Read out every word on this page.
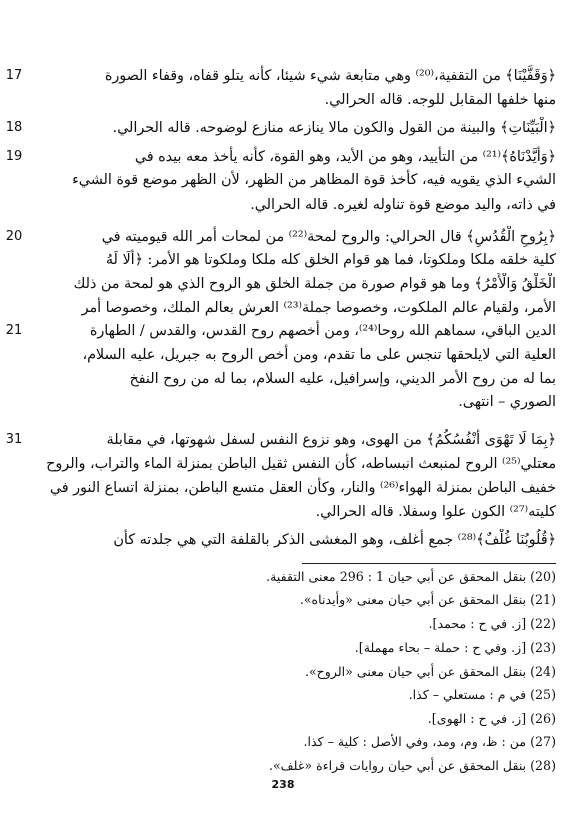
﴿وَقَفَّيْنَا﴾ من التقفية،⁽²⁰⁾ وهي متابعة شيء شيئا، كأنه يتلو قفاه، وقفاء الصورة
منها خلفها المقابل للوجه. قاله الحرالي.
﴿الْبَيِّنَاتِ﴾ والبينة من القول والكون مالا ينازعه منازع لوضوحه. قاله الحرالي.
﴿وَأَيَّدْنَاهُ﴾⁽²¹⁾ من التأييد، وهو من الأيد، وهو القوة، كأنه يأخذ معه بيده في
الشيء الذي يقويه فيه، كأخذ قوة المظاهر من الظهر، لأن الظهر موضع قوة الشيء
في ذاته، واليد موضع قوة تناوله لغيره. قاله الحرالي.
﴿بِرُوحِ الْقُدُسِ﴾ قال الحرالي: والروح لمحة⁽²²⁾ من لمحات أمر الله قيوميته في
كلية خلقه ملكا وملكوتا، فما هو قوام الخلق كله ملكا وملكوتا هو الأمر: ﴿أَلَا لَهُ
الْخَلْقُ وَالْأَمْرُ﴾ وما هو قوام صورة من جملة الخلق هو الروح الذي هو لمحة من ذلك
الأمر، ولقيام عالم الملكوت، وخصوصا جملة⁽²³⁾ العرش بعالم الملك، وخصوصا أمر
الدين الباقي، سماهم الله روحا⁽²⁴⁾، ومن أخصهم روح القدس، والقدس / الطهارة
العلية التي لايلحقها تنجس على ما تقدم، ومن أخص الروح به جبريل، عليه السلام،
بما له من روح الأمر الديني، وإسرافيل، عليه السلام، بما له من روح النفخ
الصوري – انتهى.
﴿بِمَا لَا تَهْوَى أَنْفُسُكُمُ﴾ من الهوى، وهو نزوع النفس لسفل شهوتها، في مقابلة
معتلي⁽²⁵⁾ الروح لمنبعث انبساطه، كأن النفس ثقيل الباطن بمنزلة الماء والتراب، والروح
خفيف الباطن بمنزلة الهواء⁽²⁶⁾ والنار، وكأن العقل متسع الباطن، بمنزلة اتساع النور في
كليته⁽²⁷⁾ الكون علوا وسفلا. قاله الحرالي.
﴿قُلُوبُنَا غُلْفٌ﴾⁽²⁸⁾ جمع أغلف، وهو المغشى الذكر بالقلفة التي هي جلدته كأن
17
18
19
20
21
31
(20) بنقل المحقق عن أبي حيان 1 : 296 معنى التقفية.
(21) بنقل المحقق عن أبي حيان معنى «وأيدناه».
(22) [ز. في ح : محمد].
(23) [ز. وفي ح : حملة – بحاء مهملة].
(24) بنقل المحقق عن أبي حيان معنى «الروح».
(25) في م : مستعلي – كذا.
(26) [ز. في ح : الهوى].
(27) من : ظ، وم، ومد، وفي الأصل : كلية – كذا.
(28) بنقل المحقق عن أبي حيان روايات قراءة «غلف».
238
